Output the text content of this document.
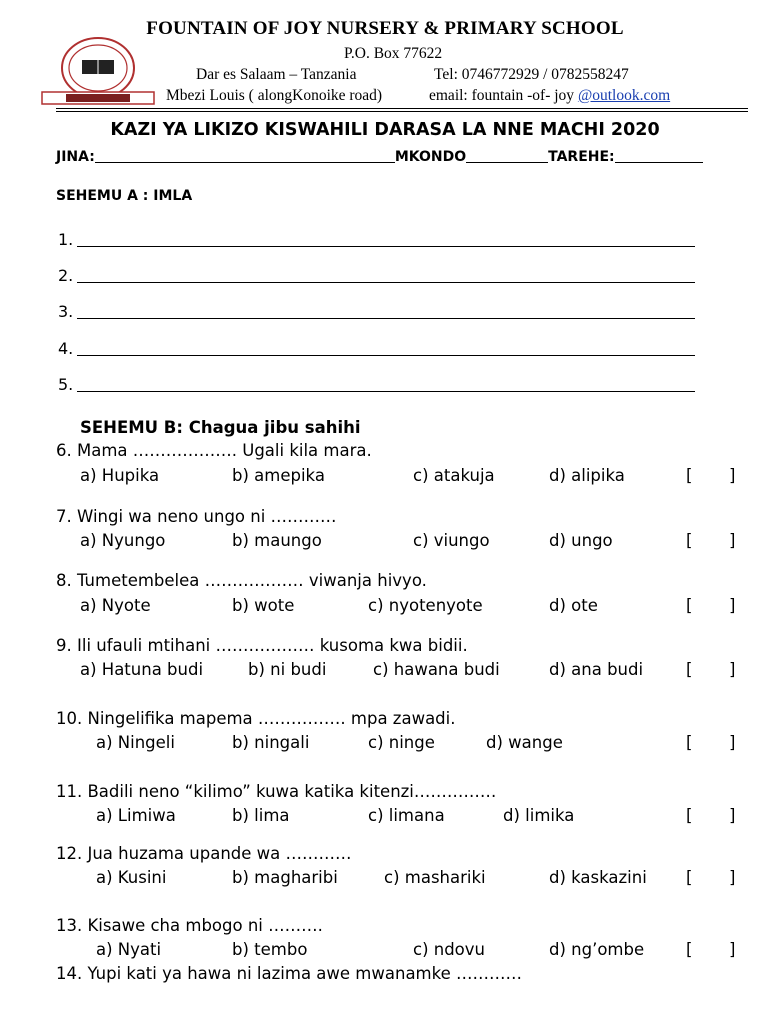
FOUNTAIN OF JOY NURSERY & PRIMARY SCHOOL
P.O. Box 77622
Dar es Salaam – Tanzania	Tel: 0746772929 / 0782558247
Mbezi Louis ( alongKonoike road)	email: fountain -of- joy @outlook.com
KAZI YA LIKIZO KISWAHILI DARASA LA NNE MACHI 2020
JINA:	MKONDO	TAREHE:
SEHEMU A : IMLA
1.
2.
3.
4.
5.
SEHEMU B: Chagua jibu sahihi
6. Mama ………………. Ugali kila mara.
a) Hupika	b) amepika	c) atakuja	d) alipika	[ ]
7. Wingi wa neno ungo ni …………
a) Nyungo	b) maungo	c) viungo	d) ungo	[ ]
8. Tumetembelea ……………… viwanja hivyo.
a) Nyote	b) wote	c) nyotenyote	d) ote	[ ]
9. Ili ufauli mtihani ……………… kusoma kwa bidii.
a) Hatuna budi	b) ni budi	c) hawana budi	d) ana budi	[ ]
10. Ningelifika mapema ……………. mpa zawadi.
a) Ningeli	b) ningali	c) ninge	d) wange	[ ]
11. Badili neno “kilimo” kuwa katika kitenzi……………
a) Limiwa	b) lima	c) limana	d) limika	[ ]
12. Jua huzama upande wa …………
a) Kusini	b) magharibi	c) mashariki	d) kaskazini [ ]
13. Kisawe cha mbogo ni ……….
a) Nyati	b) tembo	c) ndovu	d) ng’ombe	[ ]
14. Yupi kati ya hawa ni lazima awe mwanamke …………
